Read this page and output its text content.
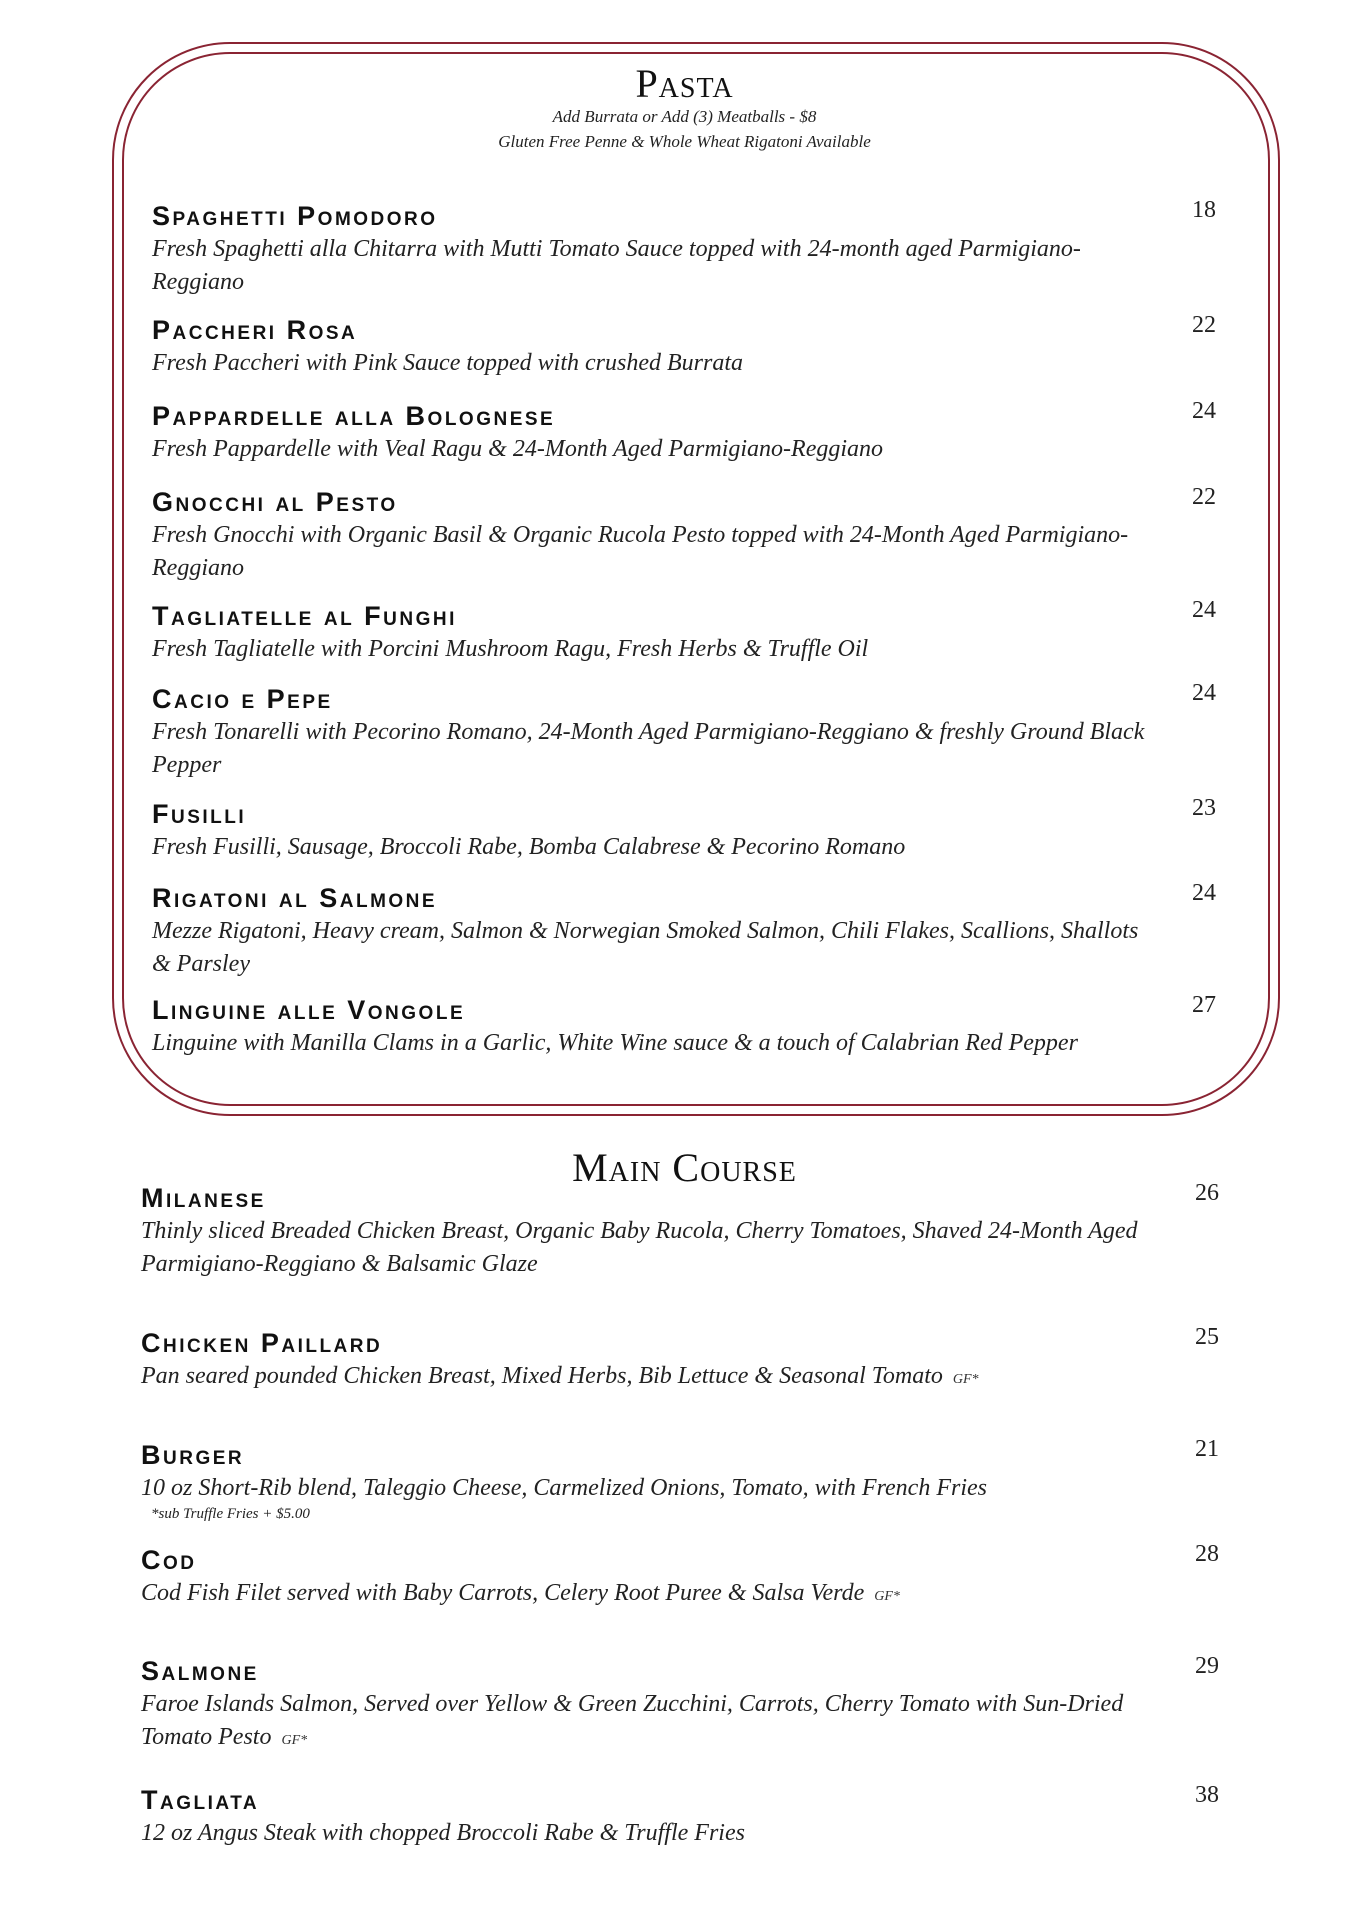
Pasta
Add Burrata or Add (3) Meatballs - $8
Gluten Free Penne & Whole Wheat Rigatoni Available
Spaghetti Pomodoro
Fresh Spaghetti alla Chitarra with Mutti Tomato Sauce topped with 24-month aged Parmigiano- Reggiano
18
Paccheri Rosa
Fresh Paccheri with Pink Sauce topped with crushed Burrata
22
Pappardelle alla Bolognese
Fresh Pappardelle with Veal Ragu & 24-Month Aged Parmigiano-Reggiano
24
Gnocchi al Pesto
Fresh Gnocchi with Organic Basil & Organic Rucola Pesto topped with 24-Month Aged Parmigiano-Reggiano
22
Tagliatelle al Funghi
Fresh Tagliatelle with Porcini Mushroom Ragu, Fresh Herbs & Truffle Oil
24
Cacio e Pepe
Fresh Tonarelli with Pecorino Romano, 24-Month Aged Parmigiano-Reggiano & freshly Ground Black Pepper
24
Fusilli
Fresh Fusilli, Sausage, Broccoli Rabe, Bomba Calabrese & Pecorino Romano
23
Rigatoni al Salmone
Mezze Rigatoni, Heavy cream, Salmon & Norwegian Smoked Salmon, Chili Flakes, Scallions, Shallots & Parsley
24
Linguine alle Vongole
Linguine with Manilla Clams in a Garlic, White Wine sauce & a touch of Calabrian Red Pepper
27
Main Course
Milanese
Thinly sliced Breaded Chicken Breast, Organic Baby Rucola, Cherry Tomatoes, Shaved 24-Month Aged Parmigiano-Reggiano & Balsamic Glaze
26
Chicken Paillard
Pan seared pounded Chicken Breast, Mixed Herbs, Bib Lettuce & Seasonal Tomato GF*
25
Burger
10 oz Short-Rib blend, Taleggio Cheese, Carmelized Onions, Tomato, with French Fries
*sub Truffle Fries + $5.00
21
Cod
Cod Fish Filet served with Baby Carrots, Celery Root Puree & Salsa Verde GF*
28
Salmone
Faroe Islands Salmon, Served over Yellow & Green Zucchini, Carrots, Cherry Tomato with Sun-Dried Tomato Pesto GF*
29
Tagliata
12 oz Angus Steak with chopped Broccoli Rabe & Truffle Fries
38
